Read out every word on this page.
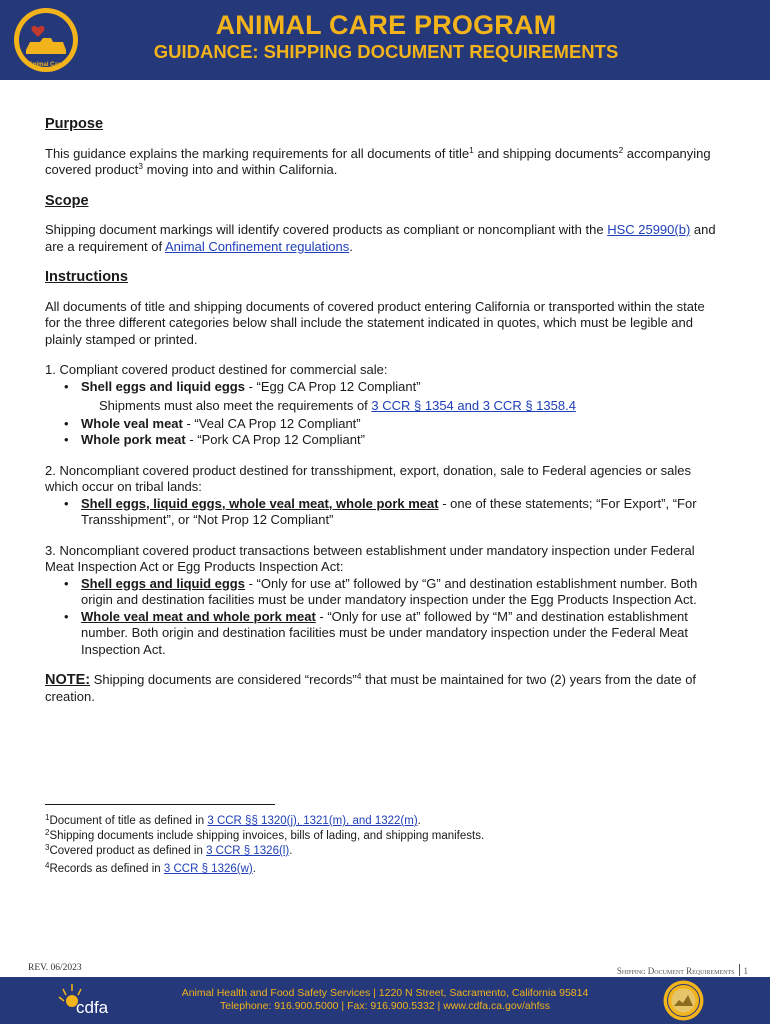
Animal Care
ANIMAL CARE PROGRAM
GUIDANCE: SHIPPING DOCUMENT REQUIREMENTS
Purpose

This guidance explains the marking requirements for all documents of title$^1$ and shipping documents$^2$ accompanying covered product$^3$ moving into and within California.

Scope

Shipping document markings will identify covered products as compliant or noncompliant with the HSC 25990(b) and are a requirement of Animal Confinement regulations.

Instructions

All documents of title and shipping documents of covered product entering California or transported within the state for the three different categories below shall include the statement indicated in quotes, which must be legible and plainly stamped or printed.

1. Compliant covered product destined for commercial sale:

• Shell eggs and liquid eggs - “Egg CA Prop 12 Compliant”

Shipments must also meet the requirements of 3 CCR § 1354 and 3 CCR § 1358.4

• Whole veal meat - “Veal CA Prop 12 Compliant”
• Whole pork meat - “Pork CA Prop 12 Compliant”

2. Noncompliant covered product destined for transshipment, export, donation, sale to Federal agencies or sales which occur on tribal lands:

• Shell eggs, liquid eggs, whole veal meat, whole pork meat - one of these statements; “For Export”, “For Transshipment”, or “Not Prop 12 Compliant”

3. Noncompliant covered product transactions between establishment under mandatory inspection under Federal Meat Inspection Act or Egg Products Inspection Act:

• Shell eggs and liquid eggs - “Only for use at” followed by “G” and destination establishment number. Both origin and destination facilities must be under mandatory inspection under the Egg Products Inspection Act.
• Whole veal meat and whole pork meat - “Only for use at” followed by “M” and destination establishment number. Both origin and destination facilities must be under mandatory inspection under the Federal Meat Inspection Act.

NOTE: Shipping documents are considered “records”$^4$ that must be maintained for two (2) years from the date of creation.

$^1$Document of title as defined in 3 CCR §§ 1320(j), 1321(m), and 1322(m).
$^2$Shipping documents include shipping invoices, bills of lading, and shipping manifests.
$^3$Covered product as defined in 3 CCR § 1326(l).
$^4$Records as defined in 3 CCR § 1326(w).
REV. 06/2023	Shipping Document Requirements 1
cdfa
Animal Health and Food Safety Services | 1220 N Street, Sacramento, California 95814
Telephone: 916.900.5000 | Fax: 916.900.5332 | www.cdfa.ca.gov/ahfss
